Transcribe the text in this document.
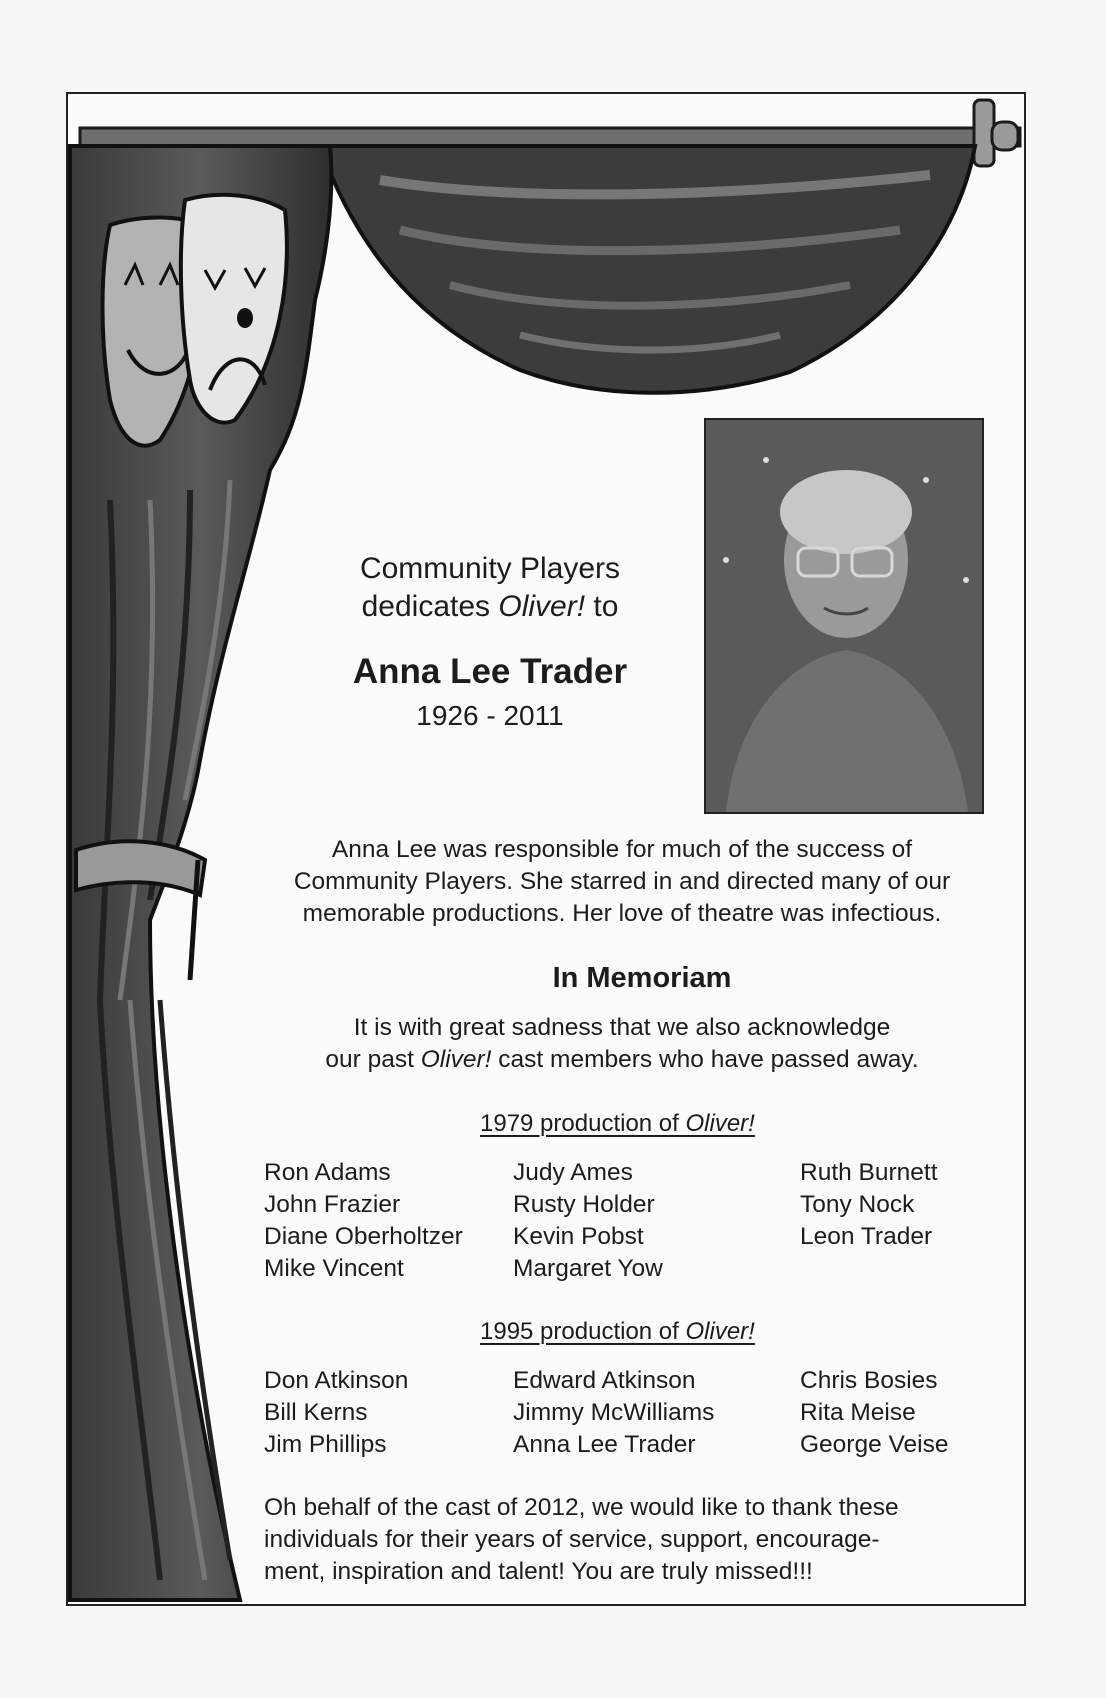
Community Players
dedicates Oliver! to
Anna Lee Trader
1926 - 2011
Anna Lee was responsible for much of the success of
Community Players. She starred in and directed many of our
memorable productions. Her love of theatre was infectious.
In Memoriam
It is with great sadness that we also acknowledge
our past Oliver! cast members who have passed away.
1979 production of Oliver!
Ron Adams
John Frazier
Diane Oberholtzer
Mike Vincent
Judy Ames
Rusty Holder
Kevin Pobst
Margaret Yow
Ruth Burnett
Tony Nock
Leon Trader
1995 production of Oliver!
Don Atkinson
Bill Kerns
Jim Phillips
Edward Atkinson
Jimmy McWilliams
Anna Lee Trader
Chris Bosies
Rita Meise
George Veise
Oh behalf of the cast of 2012, we would like to thank these
individuals for their years of service, support, encourage-
ment, inspiration and talent! You are truly missed!!!
